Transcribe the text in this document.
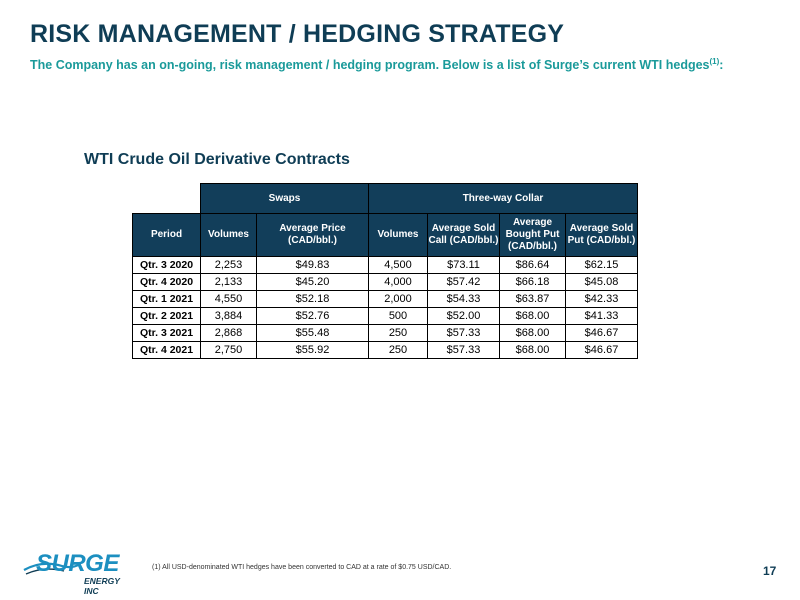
RISK MANAGEMENT / HEDGING STRATEGY
The Company has an on-going, risk management / hedging program. Below is a list of Surge’s current WTI hedges$^{(1)}$:
WTI Crude Oil Derivative Contracts
	Swaps		Three-way Collar			
Period	Volumes	Average Price (CAD/bbl.)	Volumes	Average Sold Call (CAD/bbl.)	Average Bought Put (CAD/bbl.)	Average Sold Put (CAD/bbl.)
Qtr. 3 2020	2,253	$49.83	4,500	$73.11	$86.64	$62.15
Qtr. 4 2020	2,133	$45.20	4,000	$57.42	$66.18	$45.08
Qtr. 1 2021	4,550	$52.18	2,000	$54.33	$63.87	$42.33
Qtr. 2 2021	3,884	$52.76	500	$52.00	$68.00	$41.33
Qtr. 3 2021	2,868	$55.48	250	$57.33	$68.00	$46.67
Qtr. 4 2021	2,750	$55.92	250	$57.33	$68.00	$46.67
SURGE
ENERGY INC
(1) All USD-denominated WTI hedges have been converted to CAD at a rate of $0.75 USD/CAD.	17
